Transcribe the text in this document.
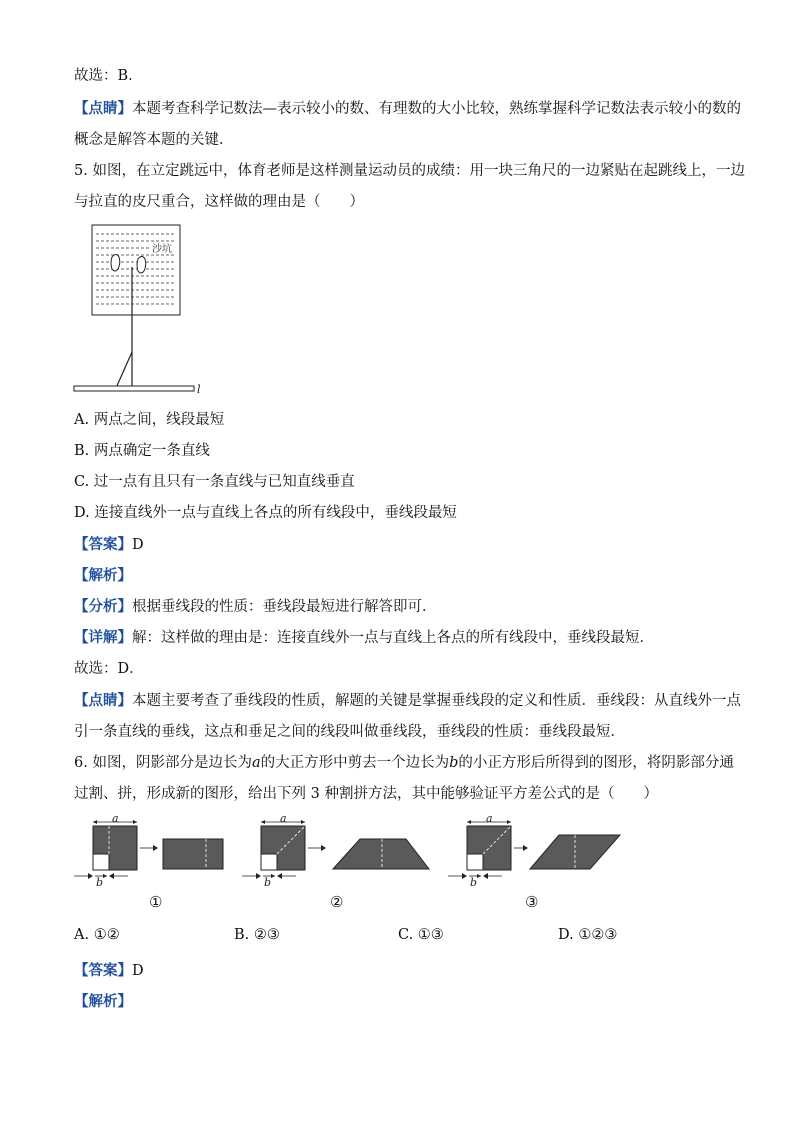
故选：B．
【点睛】本题考查科学记数法—表示较小的数、有理数的大小比较，熟练掌握科学记数法表示较小的数的
概念是解答本题的关键．
5. 如图，在立定跳远中，体育老师是这样测量运动员的成绩：用一块三角尺的一边紧贴在起跳线上，一边
与拉直的皮尺重合，这样做的理由是（　　）
沙坑
l
A. 两点之间，线段最短
B. 两点确定一条直线
C. 过一点有且只有一条直线与已知直线垂直
D. 连接直线外一点与直线上各点的所有线段中，垂线段最短
【答案】D
【解析】
【分析】根据垂线段的性质：垂线段最短进行解答即可．
【详解】解：这样做的理由是：连接直线外一点与直线上各点的所有线段中，垂线段最短．
故选：D．
【点睛】本题主要考查了垂线段的性质，解题的关键是掌握垂线段的定义和性质．垂线段：从直线外一点
引一条直线的垂线，这点和垂足之间的线段叫做垂线段，垂线段的性质：垂线段最短．
6. 如图，阴影部分是边长为a的大正方形中剪去一个边长为b的小正方形后所得到的图形，将阴影部分通
过割、拼，形成新的图形，给出下列 3 种割拼方法，其中能够验证平方差公式的是（　　）
a
b
a
b
a
b
①	②	③
A. ①②	B. ②③	C. ①③	D. ①②③
【答案】D
【解析】
